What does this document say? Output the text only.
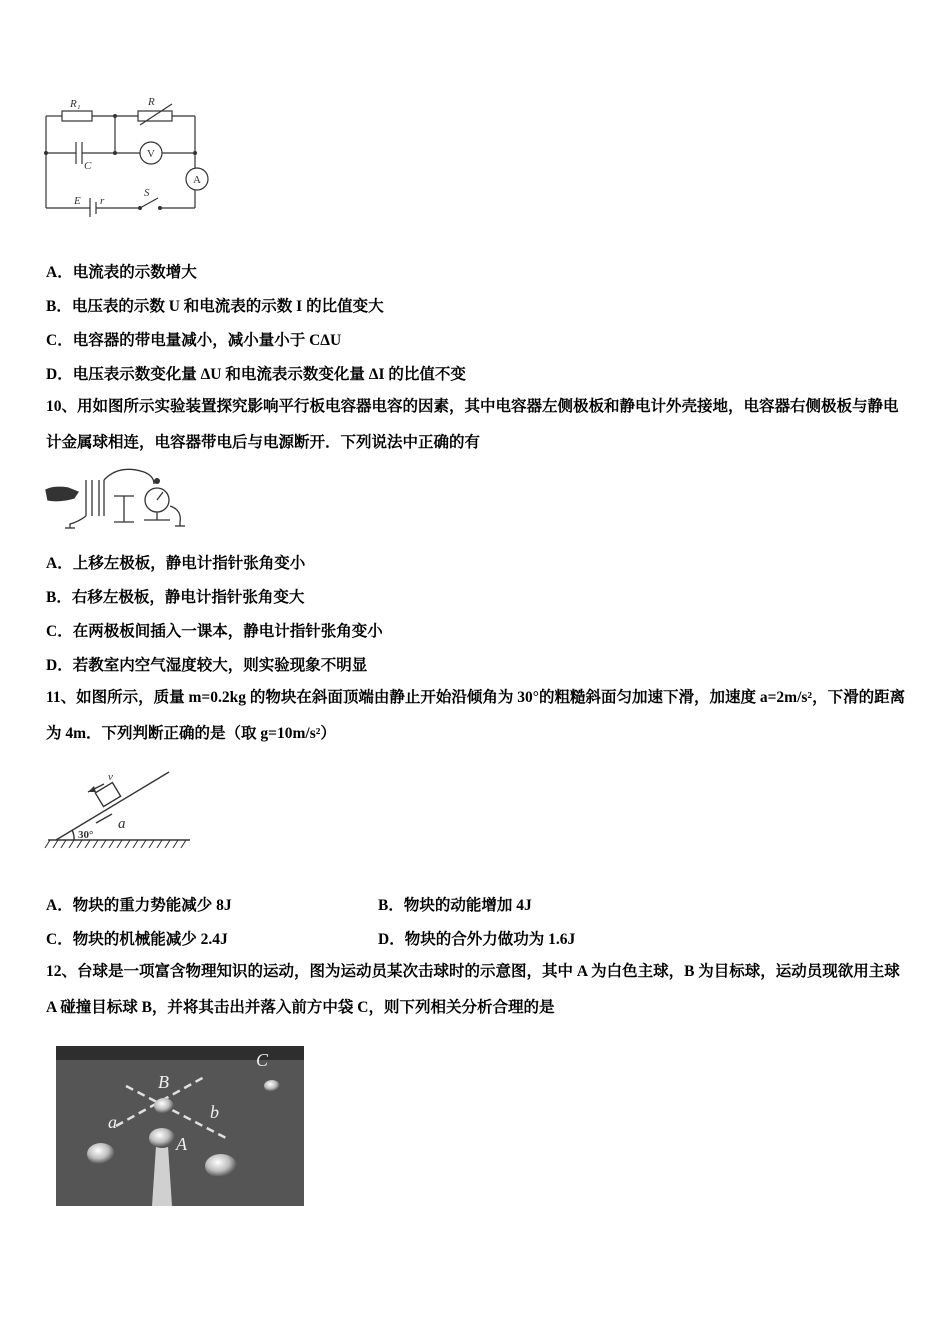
R₁	R
C
E r
S
V
A
A．电流表的示数增大
B．电压表的示数 U 和电流表的示数 I 的比值变大
C．电容器的带电量减小，减小量小于 CΔU
D．电压表示数变化量 ΔU 和电流表示数变化量 ΔI 的比值不变
10、用如图所示实验装置探究影响平行板电容器电容的因素，其中电容器左侧极板和静电计外壳接地，电容器右侧极板与静电计金属球相连，电容器带电后与电源断开．下列说法中正确的有
A．上移左极板，静电计指针张角变小
B．右移左极板，静电计指针张角变大
C．在两极板间插入一课本，静电计指针张角变小
D．若教室内空气湿度较大，则实验现象不明显
11、如图所示，质量 m=0.2kg 的物块在斜面顶端由静止开始沿倾角为 30°的粗糙斜面匀加速下滑，加速度 a=2m/s²，下滑的距离为 4m．下列判断正确的是（取 g=10m/s²）
v
a
30°
A．物块的重力势能减少 8J	B．物块的动能增加 4J
C．物块的机械能减少 2.4J	D．物块的合外力做功为 1.6J
12、台球是一项富含物理知识的运动，图为运动员某次击球时的示意图，其中 A 为白色主球，B 为目标球，运动员现欲用主球 A 碰撞目标球 B，并将其击出并落入前方中袋 C，则下列相关分析合理的是
B
A
C
a	b
